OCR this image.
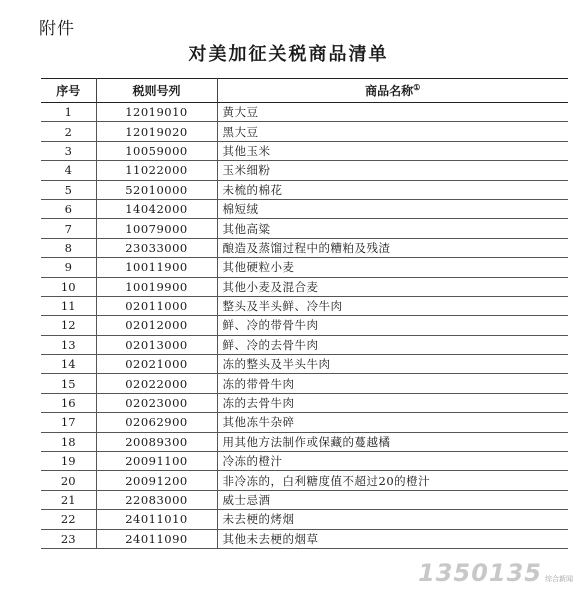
附件
对美加征关税商品清单
序号	税则号列	商品名称①
1	12019010	黄大豆
2	12019020	黑大豆
3	10059000	其他玉米
4	11022000	玉米细粉
5	52010000	未梳的棉花
6	14042000	棉短绒
7	10079000	其他高粱
8	23033000	酿造及蒸馏过程中的糟粕及残渣
9	10011900	其他硬粒小麦
10	10019900	其他小麦及混合麦
11	02011000	整头及半头鲜、冷牛肉
12	02012000	鲜、冷的带骨牛肉
13	02013000	鲜、冷的去骨牛肉
14	02021000	冻的整头及半头牛肉
15	02022000	冻的带骨牛肉
16	02023000	冻的去骨牛肉
17	02062900	其他冻牛杂碎
18	20089300	用其他方法制作或保藏的蔓越橘
19	20091100	冷冻的橙汁
20	20091200	非冷冻的，白利糖度值不超过20的橙汁
21	22083000	威士忌酒
22	24011010	未去梗的烤烟
23	24011090	其他未去梗的烟草
1350135 综合新闻
